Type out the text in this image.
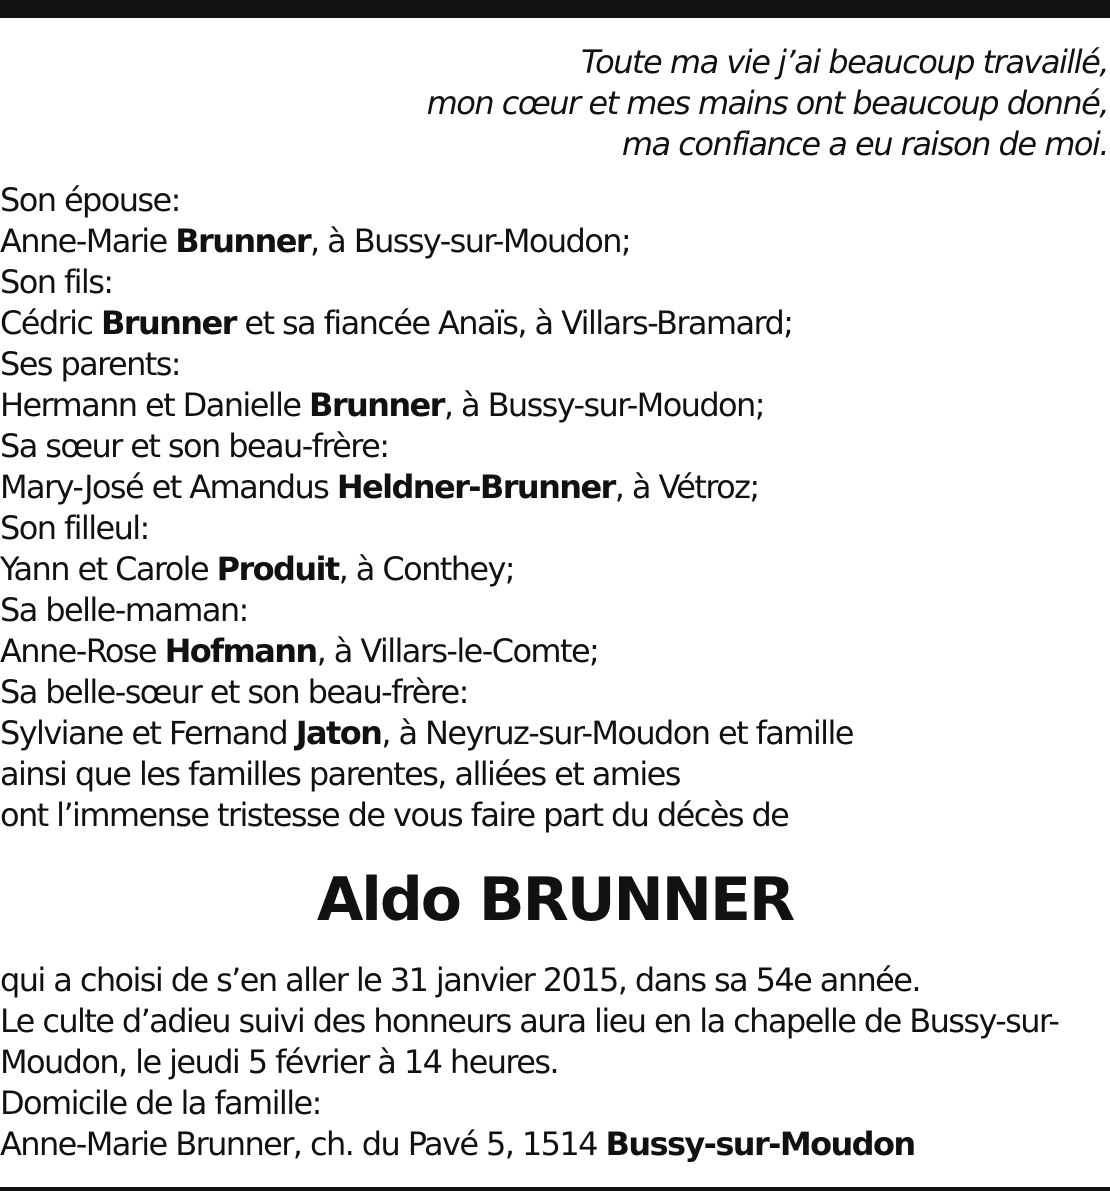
Toute ma vie j’ai beaucoup travaillé,
mon cœur et mes mains ont beaucoup donné,
ma confiance a eu raison de moi.
Son épouse:
Anne-Marie Brunner, à Bussy-sur-Moudon;
Son fils:
Cédric Brunner et sa fiancée Anaïs, à Villars-Bramard;
Ses parents:
Hermann et Danielle Brunner, à Bussy-sur-Moudon;
Sa sœur et son beau-frère:
Mary-José et Amandus Heldner-Brunner, à Vétroz;
Son filleul:
Yann et Carole Produit, à Conthey;
Sa belle-maman:
Anne-Rose Hofmann, à Villars-le-Comte;
Sa belle-sœur et son beau-frère:
Sylviane et Fernand Jaton, à Neyruz-sur-Moudon et famille
ainsi que les familles parentes, alliées et amies
ont l’immense tristesse de vous faire part du décès de
Aldo BRUNNER
qui a choisi de s’en aller le 31 janvier 2015, dans sa 54e année.
Le culte d’adieu suivi des honneurs aura lieu en la chapelle de Bussy-sur-
Moudon, le jeudi 5 février à 14 heures.
Domicile de la famille:
Anne-Marie Brunner, ch. du Pavé 5, 1514 Bussy-sur-Moudon
